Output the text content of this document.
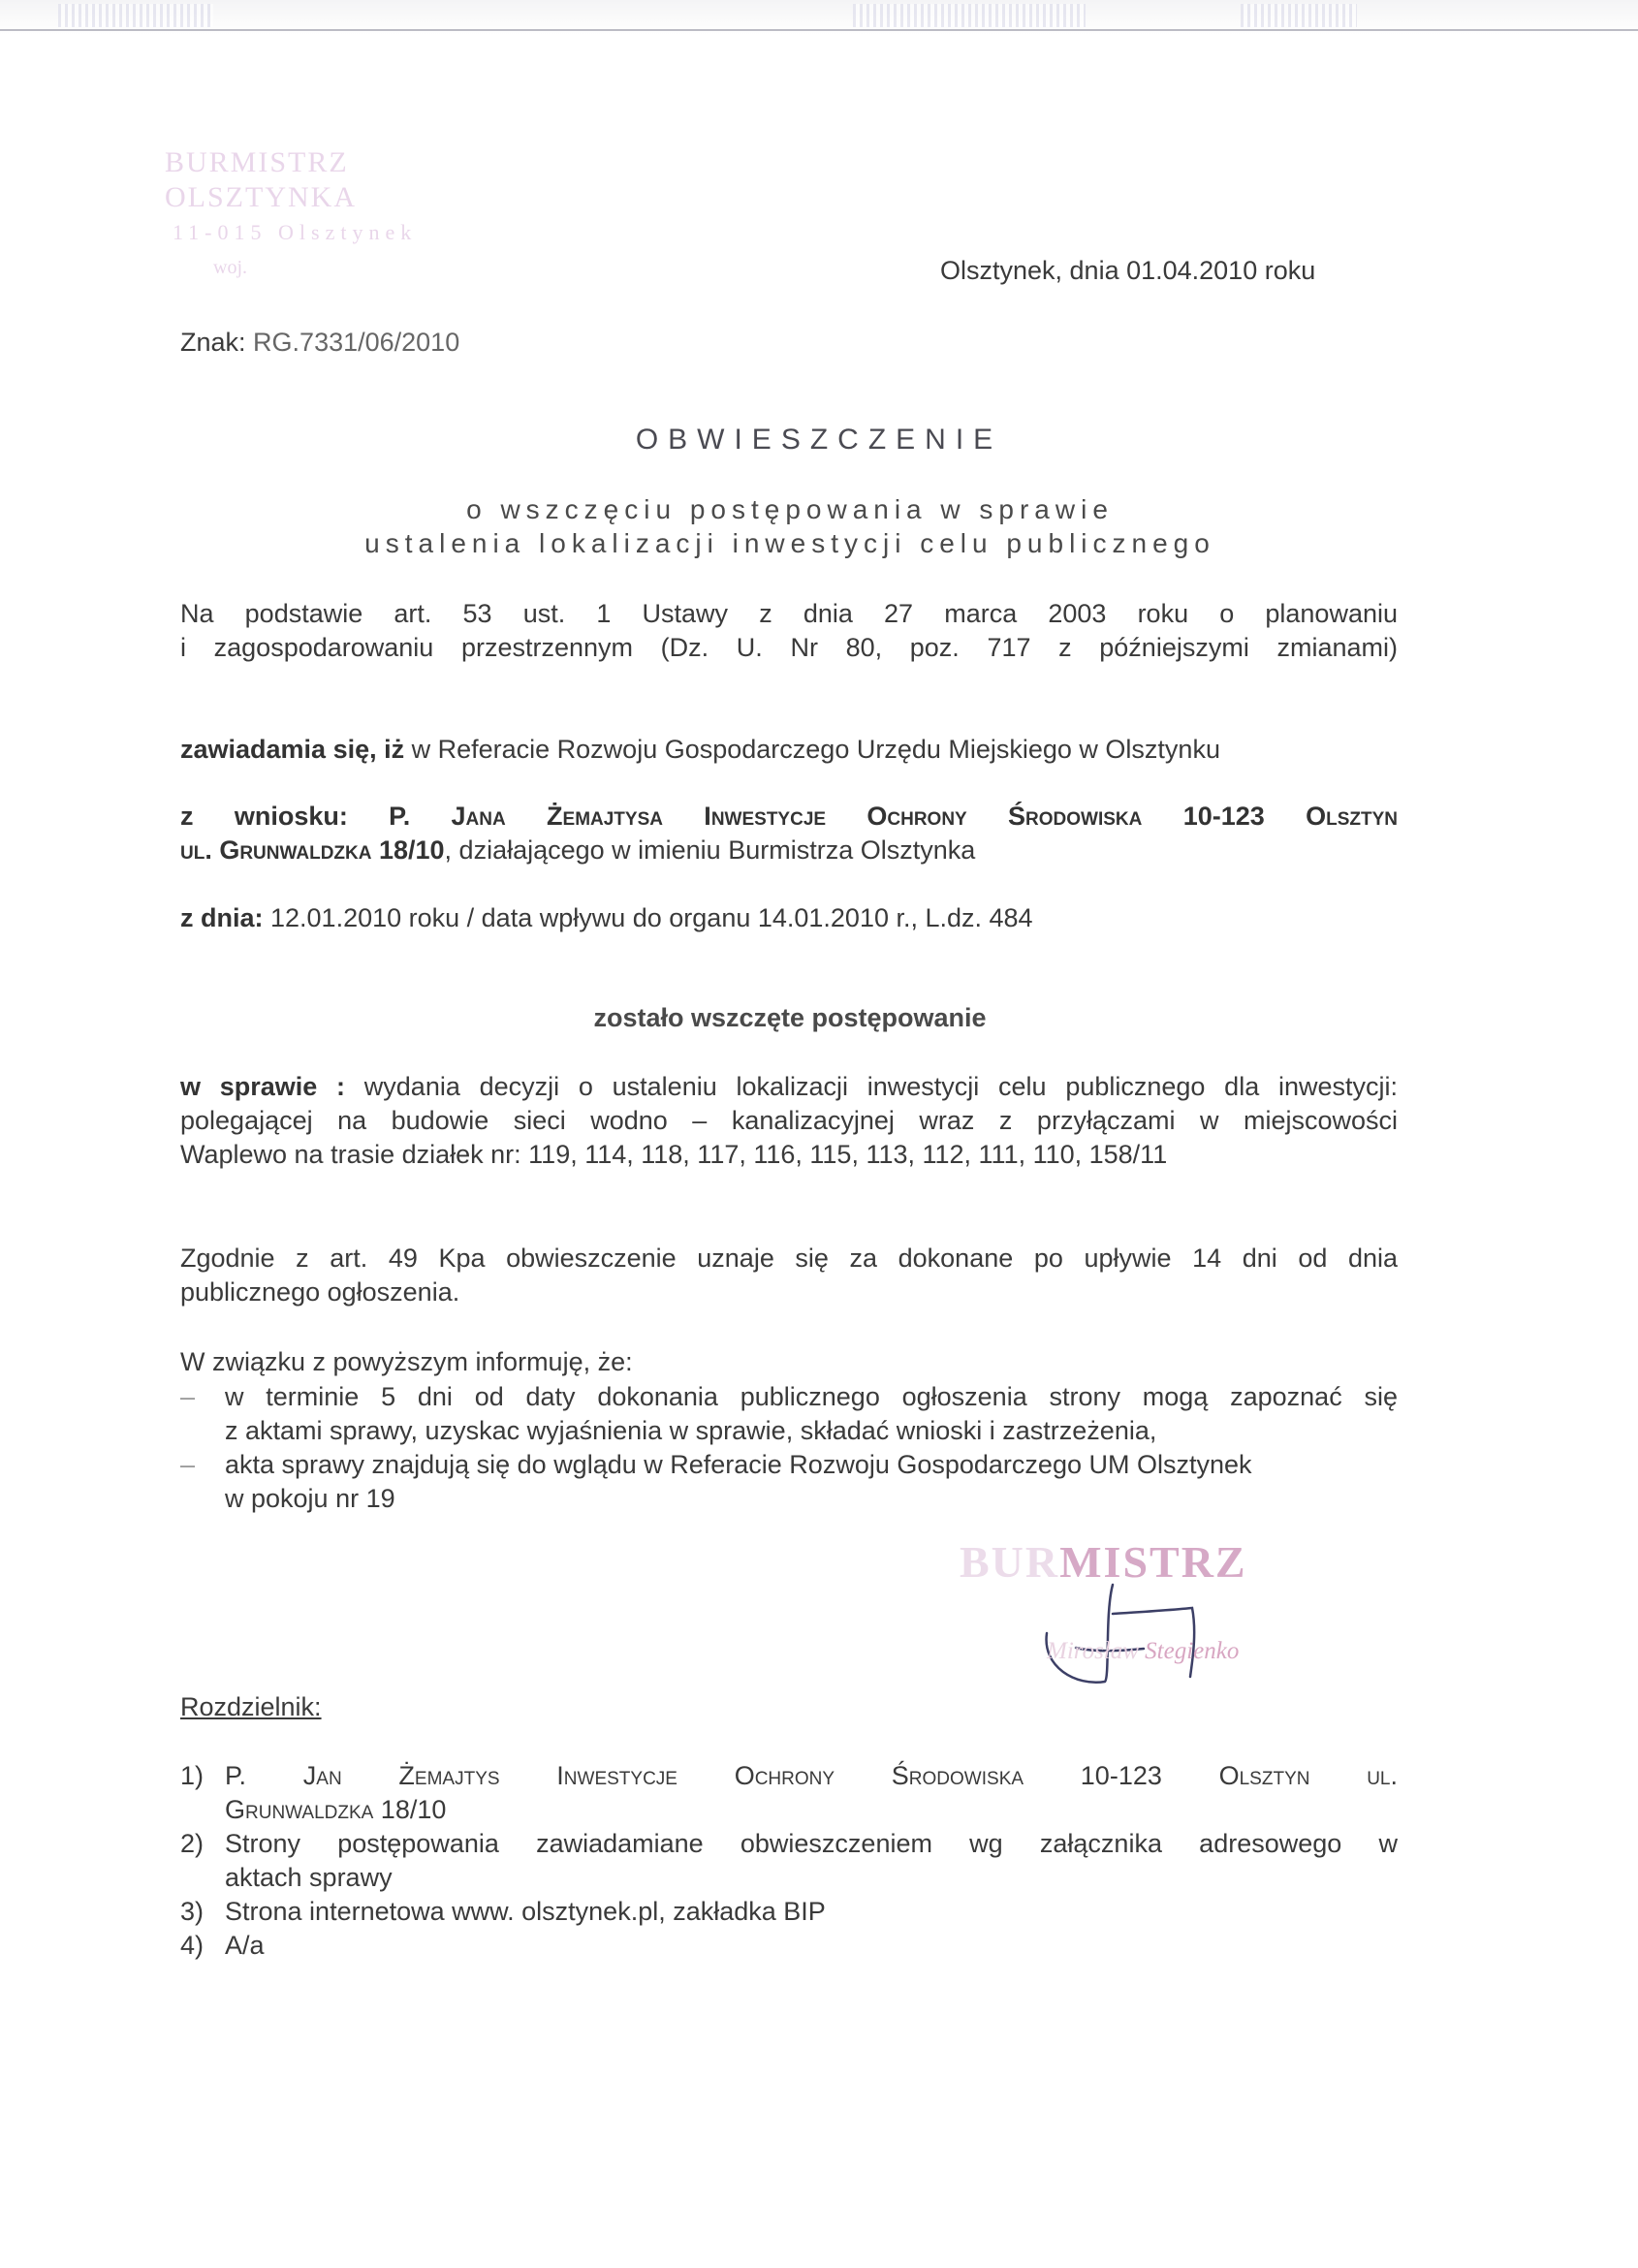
BURMISTRZ OLSZTYNKA
11-015 Olsztynek
woj.	Olsztynek, dnia 01.04.2010 roku
Znak: RG.7331/06/2010
OBWIESZCZENIE
o wszczęciu postępowania w sprawie
ustalenia lokalizacji inwestycji celu publicznego
Na podstawie art. 53 ust. 1 Ustawy z dnia 27 marca 2003 roku o planowaniu
i zagospodarowaniu przestrzennym (Dz. U. Nr 80, poz. 717 z późniejszymi zmianami)
zawiadamia się, iż w Referacie Rozwoju Gospodarczego Urzędu Miejskiego w Olsztynku
z wniosku: P. Jana Żemajtysa Inwestycje Ochrony Środowiska 10-123 Olsztyn
ul. Grunwaldzka 18/10, działającego w imieniu Burmistrza Olsztynka
z dnia: 12.01.2010 roku / data wpływu do organu 14.01.2010 r., L.dz. 484
zostało wszczęte postępowanie
w sprawie : wydania decyzji o ustaleniu lokalizacji inwestycji celu publicznego dla inwestycji:
polegającej na budowie sieci wodno – kanalizacyjnej wraz z przyłączami w miejscowości
Waplewo na trasie działek nr: 119, 114, 118, 117, 116, 115, 113, 112, 111, 110, 158/11
Zgodnie z art. 49 Kpa obwieszczenie uznaje się za dokonane po upływie 14 dni od dnia
publicznego ogłoszenia.
W związku z powyższym informuję, że:
– w terminie 5 dni od daty dokonania publicznego ogłoszenia strony mogą zapoznać się
z aktami sprawy, uzyskac wyjaśnienia w sprawie, składać wnioski i zastrzeżenia,
– akta sprawy znajdują się do wglądu w Referacie Rozwoju Gospodarczego UM Olsztynek
w pokoju nr 19
BURMISTRZ
Mirosław Stegienko
Rozdzielnik:
1) P. Jan Żemajtys Inwestycje Ochrony Środowiska 10-123 Olsztyn ul.
Grunwaldzka 18/10
2) Strony postępowania zawiadamiane obwieszczeniem wg załącznika adresowego w
aktach sprawy
3) Strona internetowa www. olsztynek.pl, zakładka BIP
4) A/a
